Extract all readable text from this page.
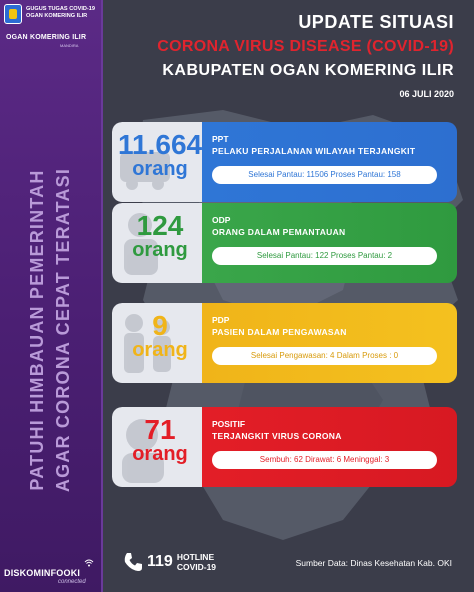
GUGUS TUGAS COVID-19
OGAN KOMERING ILIR
OGAN KOMERING ILIR
MANDIRA
PATUHI HIMBAUAN PEMERINTAH AGAR CORONA CEPAT TERATASI
DISKOMINFOOKI
connected
UPDATE SITUASI
CORONA VIRUS DISEASE (COVID-19)
KABUPATEN OGAN KOMERING ILIR
06 JULI 2020
11.664
orang
PPT
PELAKU PERJALANAN WILAYAH TERJANGKIT
Selesai Pantau: 11506 Proses Pantau: 158
124
orang
ODP
ORANG DALAM PEMANTAUAN
Selesai Pantau: 122 Proses Pantau: 2
9
orang
PDP
PASIEN DALAM PENGAWASAN
Selesai Pengawasan: 4 Dalam Proses : 0
71
orang
POSITIF
TERJANGKIT VIRUS CORONA
Sembuh: 62 Dirawat: 6 Meninggal: 3
119 HOTLINE
COVID-19	Sumber Data: Dinas Kesehatan Kab. OKI
